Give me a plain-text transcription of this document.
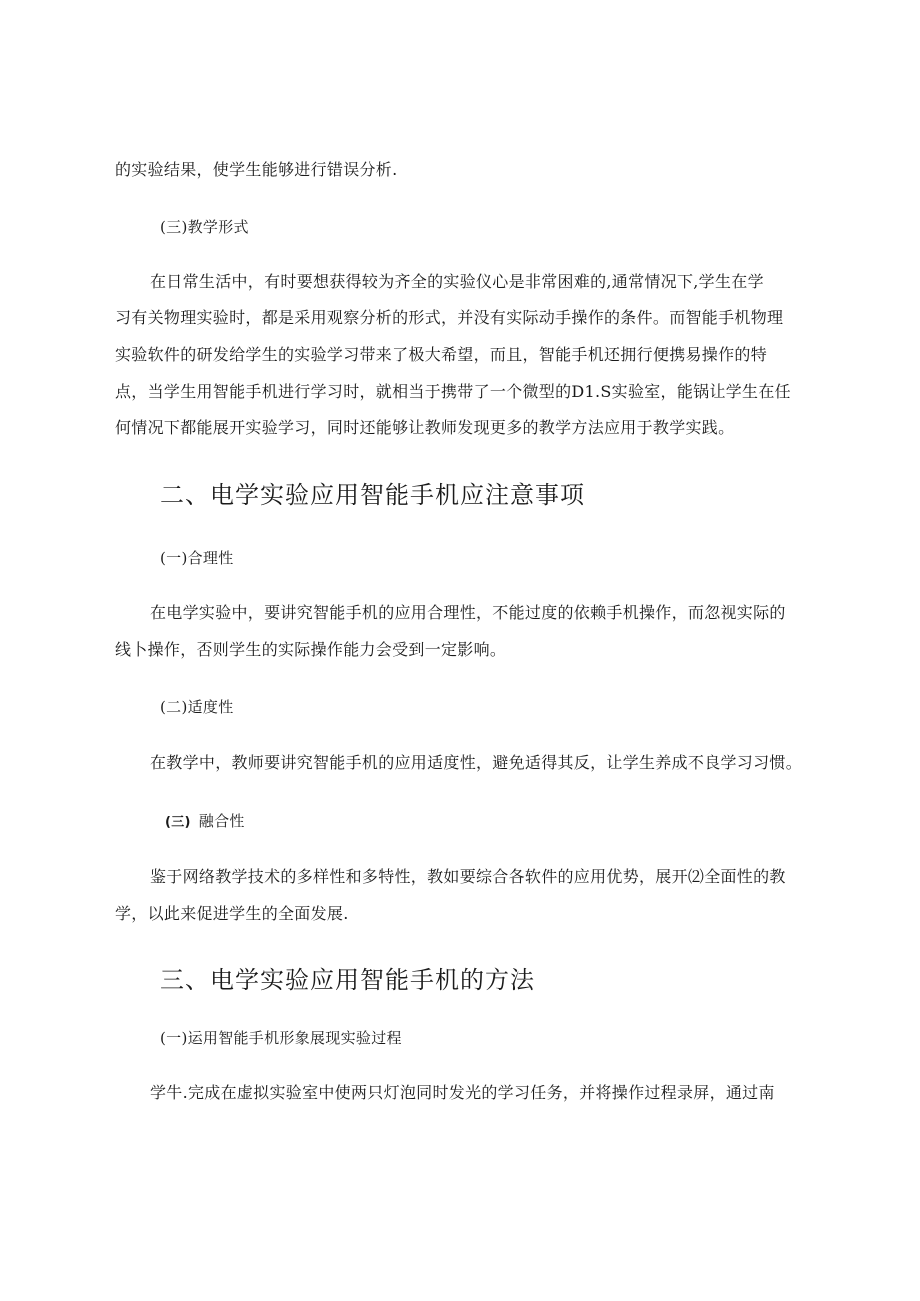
的实验结果，使学生能够进行错误分析.
(三)教学形式
在日常生活中，有时要想获得较为齐全的实验仪心是非常困难的,通常情况下,学生在学
习有关物理实验时，都是采用观察分析的形式，并没有实际动手操作的条件。而智能手机物理
实验软件的研发给学生的实验学习带来了极大希望，而且，智能手机还拥行便携易操作的特
点，当学生用智能手机进行学习时，就相当于携带了一个微型的D1.S实验室，能锅让学生在任
何情况下都能展开实验学习，同时还能够让教师发现更多的教学方法应用于教学实践。
二、电学实验应用智能手机应注意事项
(一)合理性
在电学实验中，要讲究智能手机的应用合理性，不能过度的依赖手机操作，而忽视实际的
线卜操作，否则学生的实际操作能力会受到一定影响。
(二)适度性
在教学中，教师要讲究智能手机的应用适度性，避免适得其反，让学生养成不良学习习惯。
(三) 融合性
鉴于网络教学技术的多样性和多特性，教如要综合各软件的应用优势，展开⑵全面性的教
学，以此来促进学生的全面发展.
三、电学实验应用智能手机的方法
(一)运用智能手机形象展现实验过程
学牛.完成在虚拟实验室中使两只灯泡同时发光的学习任务，并将操作过程录屏，通过南
